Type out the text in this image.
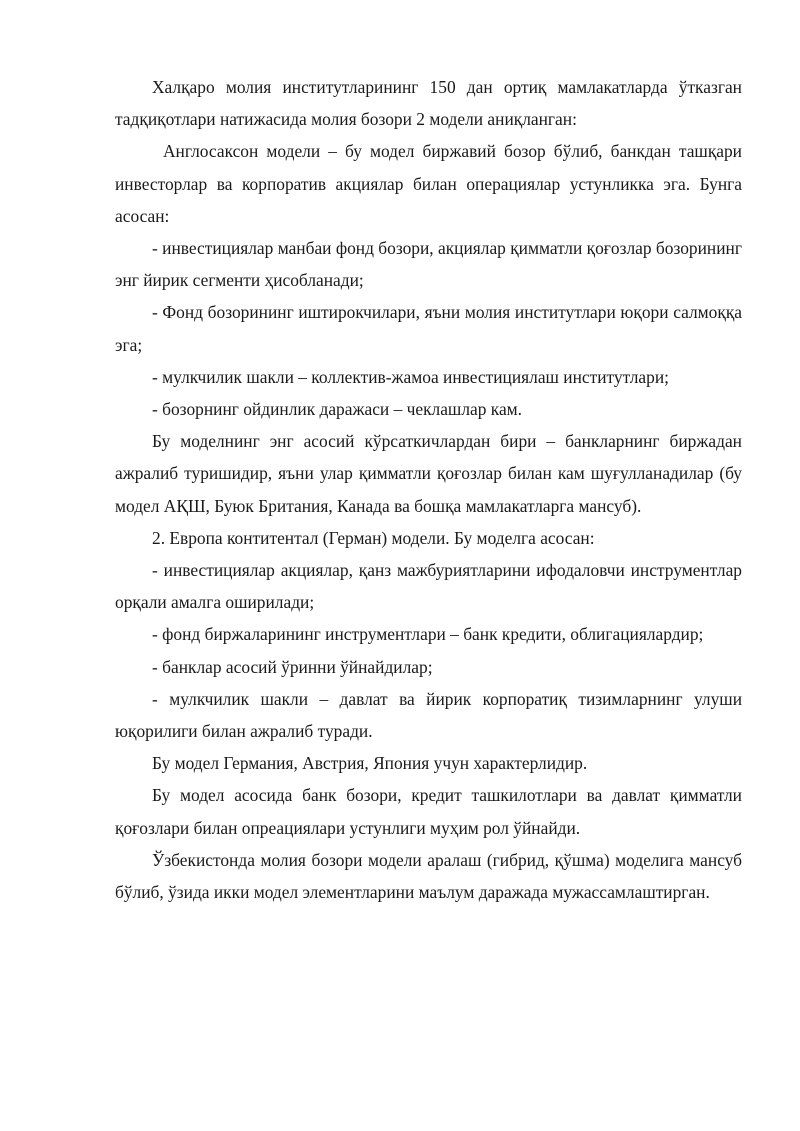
Халқаро молия институтларининг 150 дан ортиқ мамлакатларда ўтказган тадқиқотлари натижасида молия бозори 2 модели аниқланган:

Англосаксон модели – бу модел биржавий бозор бўлиб, банкдан ташқари инвесторлар ва корпоратив акциялар билан операциялар устунликка эга. Бунга асосан:

- инвестициялар манбаи фонд бозори, акциялар қимматли қоғозлар бозорининг энг йирик сегменти ҳисобланади;

- Фонд бозорининг иштирокчилари, яъни молия институтлари юқори салмоққа эга;

- мулкчилик шакли – коллектив-жамоа инвестициялаш институтлари;

- бозорнинг ойдинлик даражаси – чеклашлар кам.

Бу моделнинг энг асосий кўрсаткичлардан бири – банкларнинг биржадан ажралиб туришидир, яъни улар қимматли қоғозлар билан кам шуғулланадилар (бу модел АҚШ, Буюк Британия, Канада ва бошқа мамлакатларга мансуб).

2. Европа контитентал (Герман) модели. Бу моделга асосан:

- инвестициялар акциялар, қанз мажбуриятларини ифодаловчи инструментлар орқали амалга оширилади;

- фонд биржаларининг инструментлари – банк кредити, облигациялардир;

- банклар асосий ўринни ўйнайдилар;

- мулкчилик шакли – давлат ва йирик корпоратиқ тизимларнинг улуши юқорилиги билан ажралиб туради.

Бу модел Германия, Австрия, Япония учун характерлидир.

Бу модел асосида банк бозори, кредит ташкилотлари ва давлат қимматли қоғозлари билан опреациялари устунлиги муҳим рол ўйнайди.

Ўзбекистонда молия бозори модели аралаш (гибрид, қўшма) моделига мансуб бўлиб, ўзида икки модел элементларини маълум даражада мужассамлаштирган.
